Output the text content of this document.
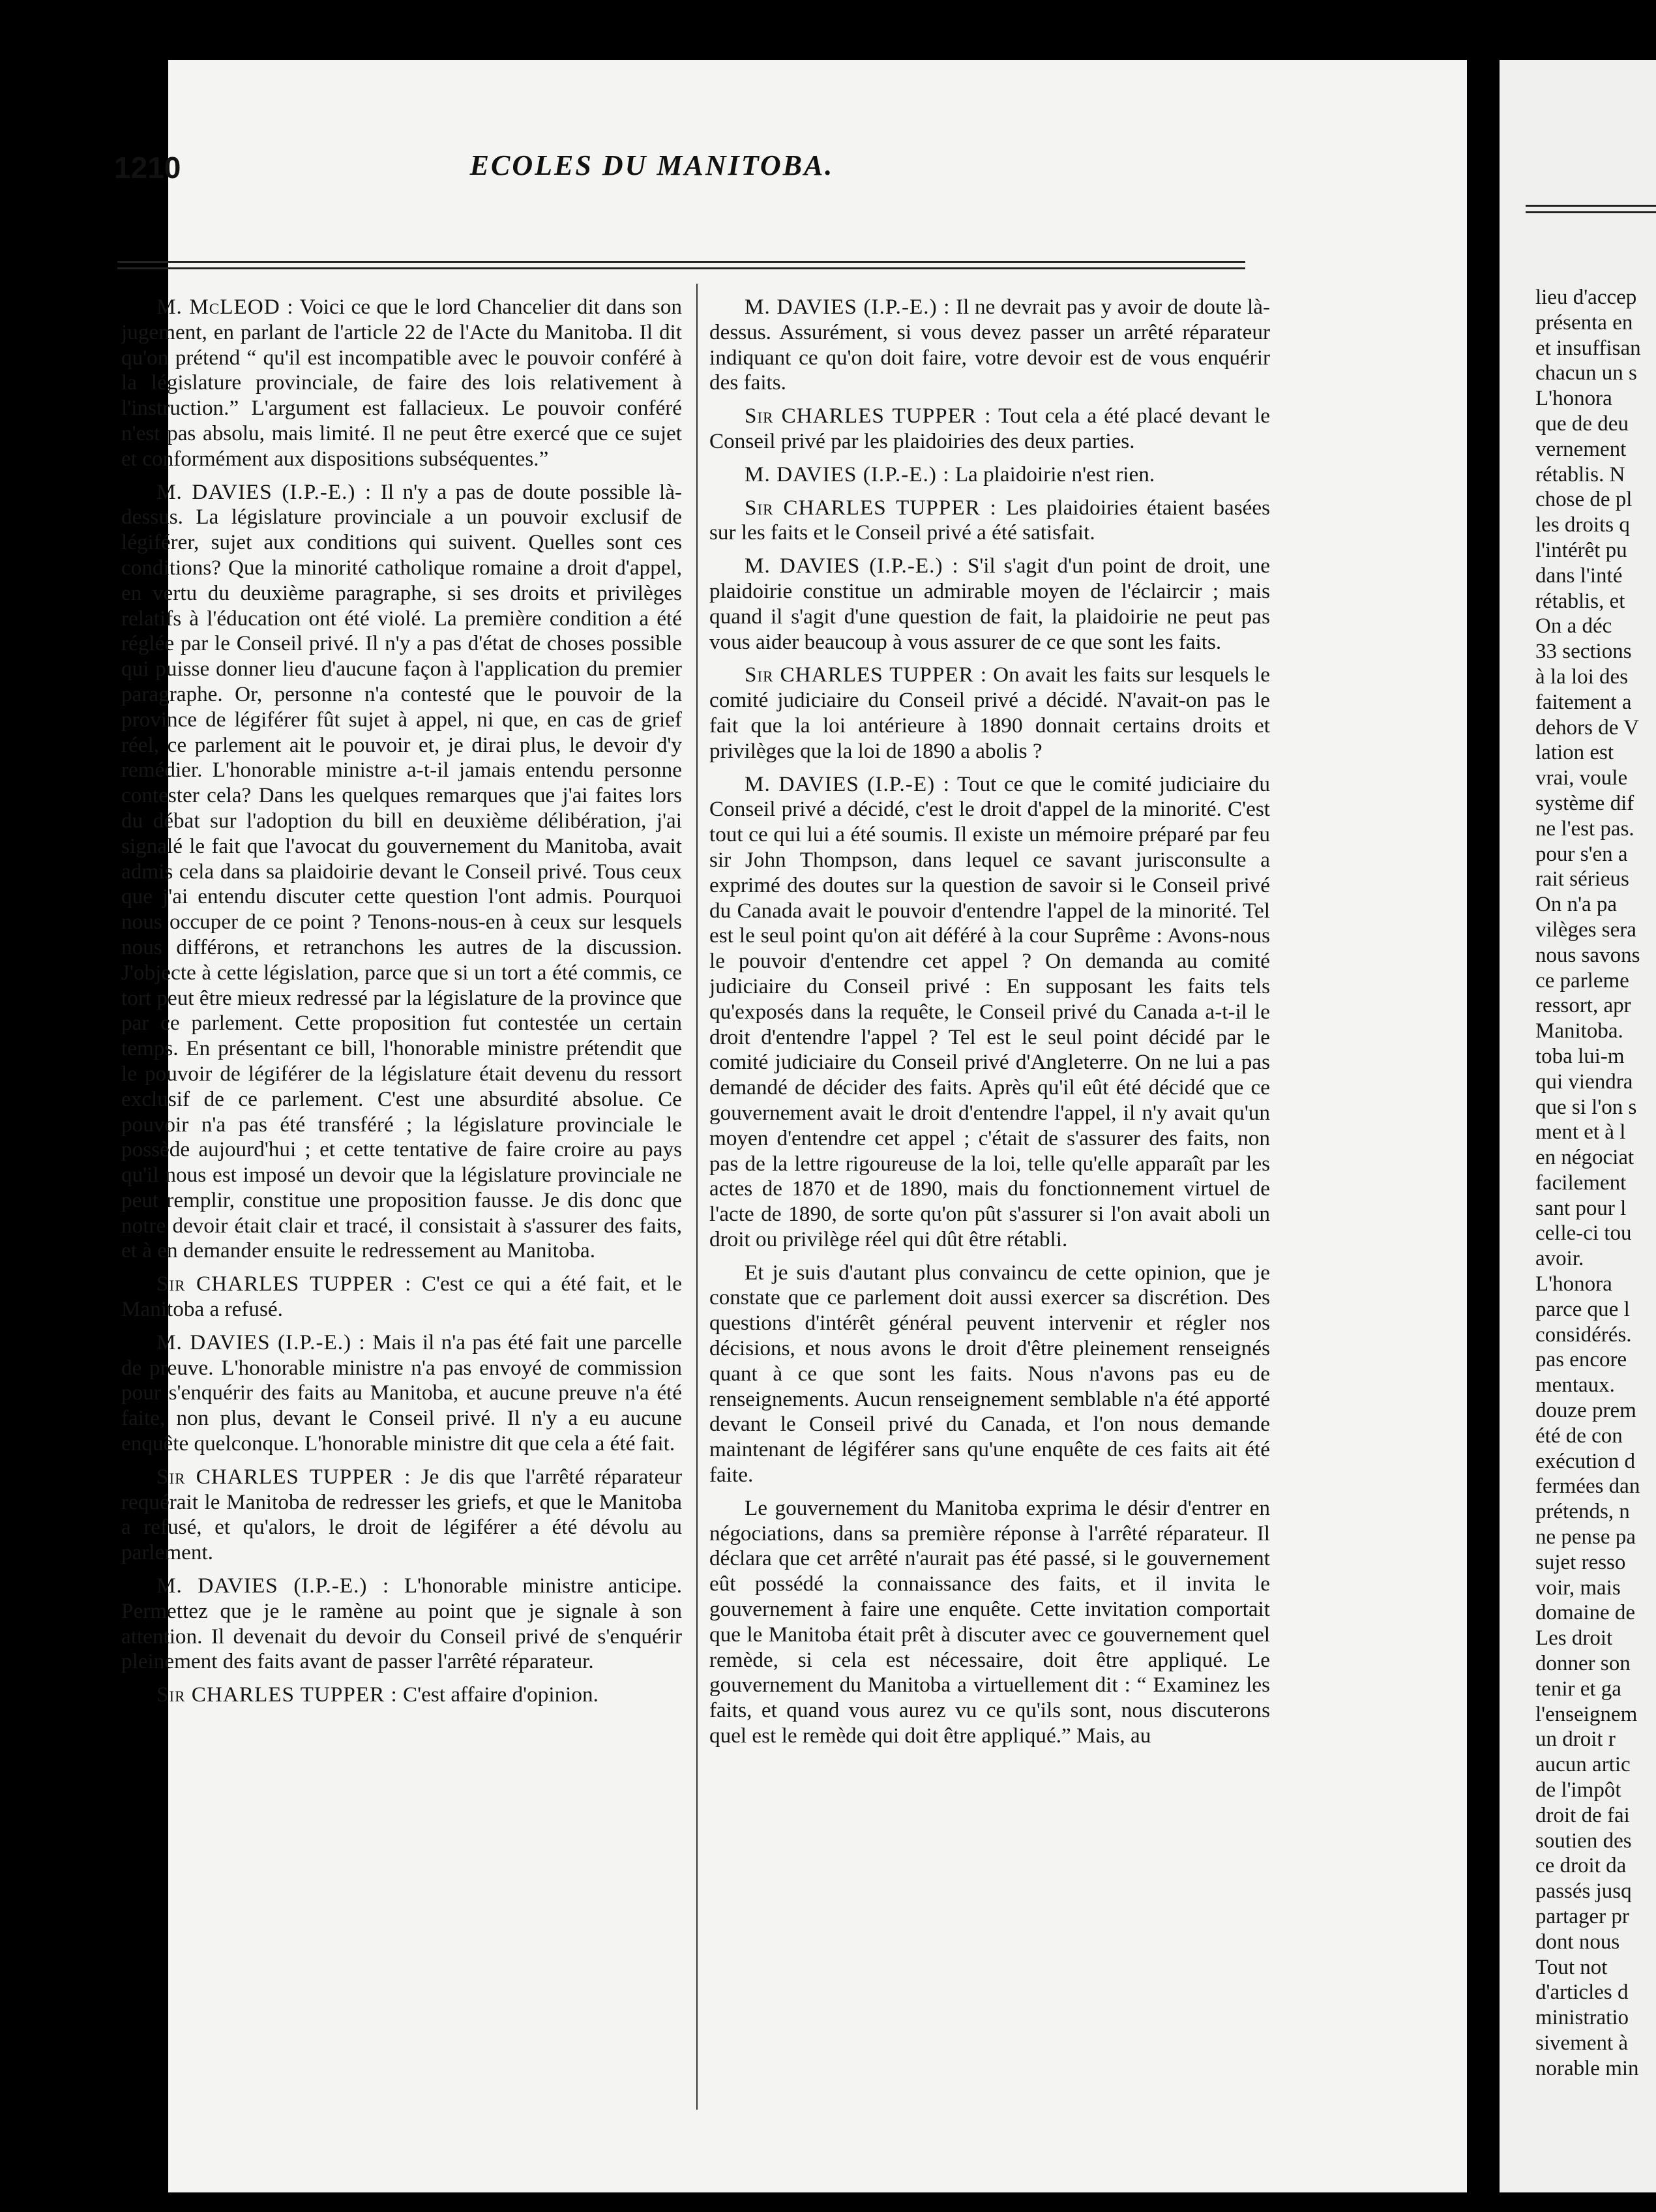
lieu d'accep
présenta en
et insuffisan
chacun un s
L'honora
que de deu
vernement
rétablis. N
chose de pl
les droits q
l'intérêt pu
dans l'inté
rétablis, et
On a déc
33 sections
à la loi des
faitement a
dehors de V
lation est
vrai, voule
système dif
ne l'est pas.
pour s'en a
rait sérieus
On n'a pa
vilèges sera
nous savons
ce parleme
ressort, apr
Manitoba.
toba lui-m
qui viendra
que si l'on s
ment et à l
en négociat
facilement
sant pour l
celle-ci tou
avoir.
L'honora
parce que l
considérés.
pas encore
mentaux.
douze prem
été de con
exécution d
fermées dan
prétends, n
ne pense pa
sujet resso
voir, mais
domaine de
Les droit
donner son
tenir et ga
l'enseignem
un droit r
aucun artic
de l'impôt
droit de fai
soutien des
ce droit da
passés jusq
partager pr
dont nous
Tout not
d'articles d
ministratio
sivement à
norable min
1210	ECOLES DU MANITOBA.

M. McLEOD : Voici ce que le lord Chancelier dit dans son jugement, en parlant de l'article 22 de l'Acte du Manitoba. Il dit qu'on prétend “ qu'il est incompatible avec le pouvoir conféré à la législature provinciale, de faire des lois relativement à l'instruction.” L'argument est fallacieux. Le pouvoir conféré n'est pas absolu, mais limité. Il ne peut être exercé que ce sujet et conformément aux dispositions subséquentes.”

M. DAVIES (I.P.-E.) : Il n'y a pas de doute possible là-dessus. La législature provinciale a un pouvoir exclusif de légiférer, sujet aux conditions qui suivent. Quelles sont ces conditions? Que la minorité catholique romaine a droit d'appel, en vertu du deuxième paragraphe, si ses droits et privilèges relatifs à l'éducation ont été violé. La première condition a été réglée par le Conseil privé. Il n'y a pas d'état de choses possible qui puisse donner lieu d'aucune façon à l'application du premier paragraphe. Or, personne n'a contesté que le pouvoir de la province de légiférer fût sujet à appel, ni que, en cas de grief réel, ce parlement ait le pouvoir et, je dirai plus, le devoir d'y remédier. L'honorable ministre a-t-il jamais entendu personne contester cela? Dans les quelques remarques que j'ai faites lors du débat sur l'adoption du bill en deuxième délibération, j'ai signalé le fait que l'avocat du gouvernement du Manitoba, avait admis cela dans sa plaidoirie devant le Conseil privé. Tous ceux que j'ai entendu discuter cette question l'ont admis. Pourquoi nous occuper de ce point ? Tenons-nous-en à ceux sur lesquels nous différons, et retranchons les autres de la discussion. J'objecte à cette législation, parce que si un tort a été commis, ce tort peut être mieux redressé par la législature de la province que par ce parlement. Cette proposition fut contestée un certain temps. En présentant ce bill, l'honorable ministre prétendit que le pouvoir de légiférer de la législature était devenu du ressort exclusif de ce parlement. C'est une absurdité absolue. Ce pouvoir n'a pas été transféré ; la législature provinciale le possède aujourd'hui ; et cette tentative de faire croire au pays qu'il nous est imposé un devoir que la législature provinciale ne peut remplir, constitue une proposition fausse. Je dis donc que notre devoir était clair et tracé, il consistait à s'assurer des faits, et à en demander ensuite le redressement au Manitoba.

Sir CHARLES TUPPER : C'est ce qui a été fait, et le Manitoba a refusé.

M. DAVIES (I.P.-E.) : Mais il n'a pas été fait une parcelle de preuve. L'honorable ministre n'a pas envoyé de commission pour s'enquérir des faits au Manitoba, et aucune preuve n'a été faite, non plus, devant le Conseil privé. Il n'y a eu aucune enquête quelconque. L'honorable ministre dit que cela a été fait.

Sir CHARLES TUPPER : Je dis que l'arrêté réparateur requérait le Manitoba de redresser les griefs, et que le Manitoba a refusé, et qu'alors, le droit de légiférer a été dévolu au parlement.

M. DAVIES (I.P.-E.) : L'honorable ministre anticipe. Permettez que je le ramène au point que je signale à son attention. Il devenait du devoir du Conseil privé de s'enquérir pleinement des faits avant de passer l'arrêté réparateur.

Sir CHARLES TUPPER : C'est affaire d'opinion.

M. DAVIES (I.P.-E.) : Il ne devrait pas y avoir de doute là-dessus. Assurément, si vous devez passer un arrêté réparateur indiquant ce qu'on doit faire, votre devoir est de vous enquérir des faits.

Sir CHARLES TUPPER : Tout cela a été placé devant le Conseil privé par les plaidoiries des deux parties.

M. DAVIES (I.P.-E.) : La plaidoirie n'est rien.

Sir CHARLES TUPPER : Les plaidoiries étaient basées sur les faits et le Conseil privé a été satisfait.

M. DAVIES (I.P.-E.) : S'il s'agit d'un point de droit, une plaidoirie constitue un admirable moyen de l'éclaircir ; mais quand il s'agit d'une question de fait, la plaidoirie ne peut pas vous aider beaucoup à vous assurer de ce que sont les faits.

Sir CHARLES TUPPER : On avait les faits sur lesquels le comité judiciaire du Conseil privé a décidé. N'avait-on pas le fait que la loi antérieure à 1890 donnait certains droits et privilèges que la loi de 1890 a abolis ?

M. DAVIES (I.P.-E) : Tout ce que le comité judiciaire du Conseil privé a décidé, c'est le droit d'appel de la minorité. C'est tout ce qui lui a été soumis. Il existe un mémoire préparé par feu sir John Thompson, dans lequel ce savant jurisconsulte a exprimé des doutes sur la question de savoir si le Conseil privé du Canada avait le pouvoir d'entendre l'appel de la minorité. Tel est le seul point qu'on ait déféré à la cour Suprême : Avons-nous le pouvoir d'entendre cet appel ? On demanda au comité judiciaire du Conseil privé : En supposant les faits tels qu'exposés dans la requête, le Conseil privé du Canada a-t-il le droit d'entendre l'appel ? Tel est le seul point décidé par le comité judiciaire du Conseil privé d'Angleterre. On ne lui a pas demandé de décider des faits. Après qu'il eût été décidé que ce gouvernement avait le droit d'entendre l'appel, il n'y avait qu'un moyen d'entendre cet appel ; c'était de s'assurer des faits, non pas de la lettre rigoureuse de la loi, telle qu'elle apparaît par les actes de 1870 et de 1890, mais du fonctionnement virtuel de l'acte de 1890, de sorte qu'on pût s'assurer si l'on avait aboli un droit ou privilège réel qui dût être rétabli.

Et je suis d'autant plus convaincu de cette opinion, que je constate que ce parlement doit aussi exercer sa discrétion. Des questions d'intérêt général peuvent intervenir et régler nos décisions, et nous avons le droit d'être pleinement renseignés quant à ce que sont les faits. Nous n'avons pas eu de renseignements. Aucun renseignement semblable n'a été apporté devant le Conseil privé du Canada, et l'on nous demande maintenant de légiférer sans qu'une enquête de ces faits ait été faite.

Le gouvernement du Manitoba exprima le désir d'entrer en négociations, dans sa première réponse à l'arrêté réparateur. Il déclara que cet arrêté n'aurait pas été passé, si le gouvernement eût possédé la connaissance des faits, et il invita le gouvernement à faire une enquête. Cette invitation comportait que le Manitoba était prêt à discuter avec ce gouvernement quel remède, si cela est nécessaire, doit être appliqué. Le gouvernement du Manitoba a virtuellement dit : “ Examinez les faits, et quand vous aurez vu ce qu'ils sont, nous discuterons quel est le remède qui doit être appliqué.” Mais, au
